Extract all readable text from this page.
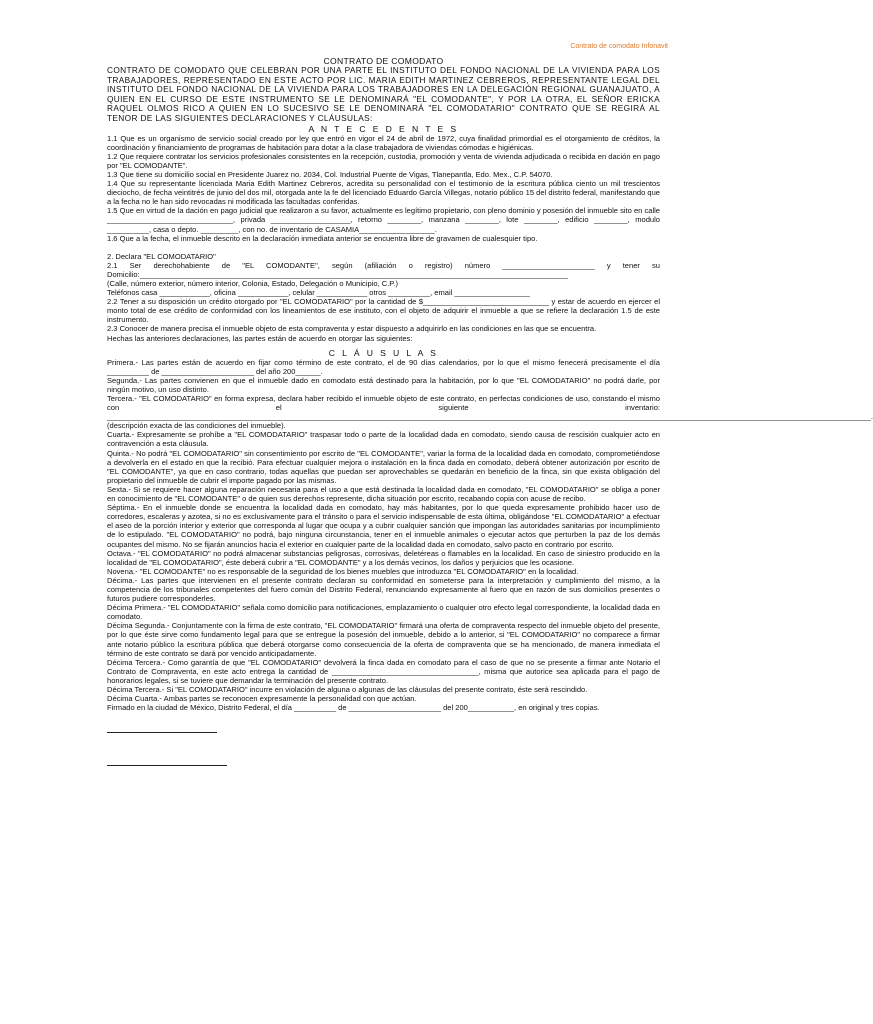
Contrato de comodato Infonavit
CONTRATO DE COMODATO

CONTRATO DE COMODATO QUE CELEBRAN POR UNA PARTE EL INSTITUTO DEL FONDO NACIONAL DE LA VIVIENDA PARA LOS TRABAJADORES, REPRESENTADO EN ESTE ACTO POR LIC. MARIA EDITH MARTINEZ CEBREROS, REPRESENTANTE LEGAL DEL INSTITUTO DEL FONDO NACIONAL DE LA VIVIENDA PARA LOS TRABAJADORES EN LA DELEGACIÓN REGIONAL GUANAJUATO, A QUIEN EN EL CURSO DE ESTE INSTRUMENTO SE LE DENOMINARÁ "EL COMODANTE", Y POR LA OTRA, EL SEÑOR ERICKA RAQUEL OLMOS RICO A QUIEN EN LO SUCESIVO SE LE DENOMINARÁ "EL COMODATARIO" CONTRATO QUE SE REGIRÁ AL TENOR DE LAS SIGUIENTES DECLARACIONES Y CLÁUSULAS:

A N T E C E D E N T E S

1.1 Que es un organismo de servicio social creado por ley que entró en vigor el 24 de abril de 1972, cuya finalidad primordial es el otorgamiento de créditos, la coordinación y financiamiento de programas de habitación para dotar a la clase trabajadora de viviendas cómodas e higiénicas.

1.2 Que requiere contratar los servicios profesionales consistentes en la recepción, custodia, promoción y venta de vivienda adjudicada o recibida en dación en pago por "EL COMODANTE".

1.3 Que tiene su domicilio social en Presidente Juarez no. 2034, Col. Industrial Puente de Vigas, Tlanepantla, Edo. Mex., C.P. 54070.

1.4 Que su representante licenciada Maria Edith Martinez Cebreros, acredita su personalidad con el testimonio de la escritura pública ciento un mil trescientos dieciocho, de fecha veintitrés de junio del dos mil, otorgada ante la fe del licenciado Eduardo García Villegas, notario público 15 del distrito federal, manifestando que a la fecha no le han sido revocadas ni modificada las facultadas conferidas.

1.5 Que en virtud de la dación en pago judicial que realizaron a su favor, actualmente es legítimo propietario, con pleno dominio y posesión del inmueble sito en calle ______________________________, privada ___________________, retorno ________, manzana ________, lote ________, edificio ________, modulo __________, casa o depto. _________, con no. de inventario de CASAMIA__________________.

1.6 Que a la fecha, el inmueble descrito en la declaración inmediata anterior se encuentra libre de gravamen de cualesquier tipo.

2. Declara "EL COMODATARIO"

2.1 Ser derechohabiente de "EL COMODANTE", según (afiliación o registro) número ______________________ y tener su Domicilio:______________________________________________________________________________________________________

(Calle, número exterior, número interior, Colonia, Estado, Delegación o Municipio, C.P.)

Teléfonos casa ____________, oficina ____________, celular ____________ otros __________, email __________________

2.2 Tener a su disposición un crédito otorgado por "EL COMODATARIO" por la cantidad de $______________________________ y estar de acuerdo en ejercer el monto total de ese crédito de conformidad con los lineamientos de ese instituto, con el objeto de adquirir el inmueble a que se refiere la declaración 1.5 de este instrumento.

2.3 Conocer de manera precisa el inmueble objeto de esta compraventa y estar dispuesto a adquirirlo en las condiciones en las que se encuentra.

Hechas las anteriores declaraciones, las partes están de acuerdo en otorgar las siguientes:

C L Á U S U L A S

Primera.- Las partes están de acuerdo en fijar como término de este contrato, el de 90 días calendarios, por lo que el mismo fenecerá precisamente el día __________ de ______________________ del año 200______.

Segunda.- Las partes convienen en que el inmueble dado en comodato está destinado para la habitación, por lo que "EL COMODATARIO" no podrá darle, por ningún motivo, un uso distinto.

Tercera.- "EL COMODATARIO" en forma expresa, declara haber recibido el inmueble objeto de este contrato, en perfectas condiciones de uso, constando el mismo con el siguiente inventario: ______________________________________________________________________________________________________________________________________________________________________________________.

(descripción exacta de las condiciones del inmueble).

Cuarta.- Expresamente se prohíbe a "EL COMODATARIO" traspasar todo o parte de la localidad dada en comodato, siendo causa de rescisión cualquier acto en contravención a esta cláusula.

Quinta.- No podrá "EL COMODATARIO" sin consentimiento por escrito de "EL COMODANTE", variar la forma de la localidad dada en comodato, comprometiéndose a devolverla en el estado en que la recibió. Para efectuar cualquier mejora o instalación en la finca dada en comodato, deberá obtener autorización por escrito de "EL COMODANTE", ya que en caso contrario, todas aquellas que puedan ser aprovechables se quedarán en beneficio de la finca, sin que exista obligación del propietario del inmueble de cubrir el importe pagado por las mismas.

Sexta.- Si se requiere hacer alguna reparación necesaria para el uso a que está destinada la localidad dada en comodato, "EL COMODATARIO" se obliga a poner en conocimiento de "EL COMODANTE" o de quien sus derechos represente, dicha situación por escrito, recabando copia con acuse de recibo.

Séptima.- En el inmueble donde se encuentra la localidad dada en comodato, hay más habitantes, por lo que queda expresamente prohibido hacer uso de corredores, escaleras y azotea, si no es exclusivamente para el tránsito o para el servicio indispensable de esta última, obligándose "EL COMODATARIO" a efectuar el aseo de la porción interior y exterior que corresponda al lugar que ocupa y a cubrir cualquier sanción que impongan las autoridades sanitarias por incumplimiento de lo estipulado. "EL COMODATARIO" no podrá, bajo ninguna circunstancia, tener en el inmueble animales o ejecutar actos que perturben la paz de los demás ocupantes del mismo. No se fijarán anuncios hacia el exterior en cualquier parte de la localidad dada en comodato, salvo pacto en contrario por escrito.

Octava.- "EL COMODATARIO" no podrá almacenar substancias peligrosas, corrosivas, deletéreas o flamables en la localidad. En caso de siniestro producido en la localidad de "EL COMODATARIO", éste deberá cubrir a "EL COMODANTE" y a los demás vecinos, los daños y perjuicios que les ocasione.

Novena.- "EL COMODANTE" no es responsable de la seguridad de los bienes muebles que introduzca "EL COMODATARIO" en la localidad.

Décima.- Las partes que intervienen en el presente contrato declaran su conformidad en someterse para la interpretación y cumplimiento del mismo, a la competencia de los tribunales competentes del fuero común del Distrito Federal, renunciando expresamente al fuero que en razón de sus domicilios presentes o futuros pudiere corresponderles.

Décima Primera.- "EL COMODATARIO" señala como domicilio para notificaciones, emplazamiento o cualquier otro efecto legal correspondiente, la localidad dada en comodato.

Décima Segunda.- Conjuntamente con la firma de este contrato, "EL COMODATARIO" firmará una oferta de compraventa respecto del inmueble objeto del presente, por lo que éste sirve como fundamento legal para que se entregue la posesión del inmueble, debido a lo anterior, si "EL COMODATARIO" no comparece a firmar ante notario público la escritura pública que deberá otorgarse como consecuencia de la oferta de compraventa que se ha mencionado, de manera inmediata el término de este contrato se dará por vencido anticipadamente.

Décima Tercera.- Como garantía de que "EL COMODATARIO" devolverá la finca dada en comodato para el caso de que no se presente a firmar ante Notario el Contrato de Compraventa, en este acto entrega la cantidad de ___________________________________, misma que autorice sea aplicada para el pago de honorarios legales, si se tuviere que demandar la terminación del presente contrato.

Décima Tercera.- Si "EL COMODATARIO" incurre en violación de alguna o algunas de las cláusulas del presente contrato, éste será rescindido.

Décima Cuarta.- Ambas partes se reconocen expresamente la personalidad con que actúan.

Firmado en la ciudad de México, Distrito Federal, el día __________ de ______________________ del 200___________, en original y tres copias.
